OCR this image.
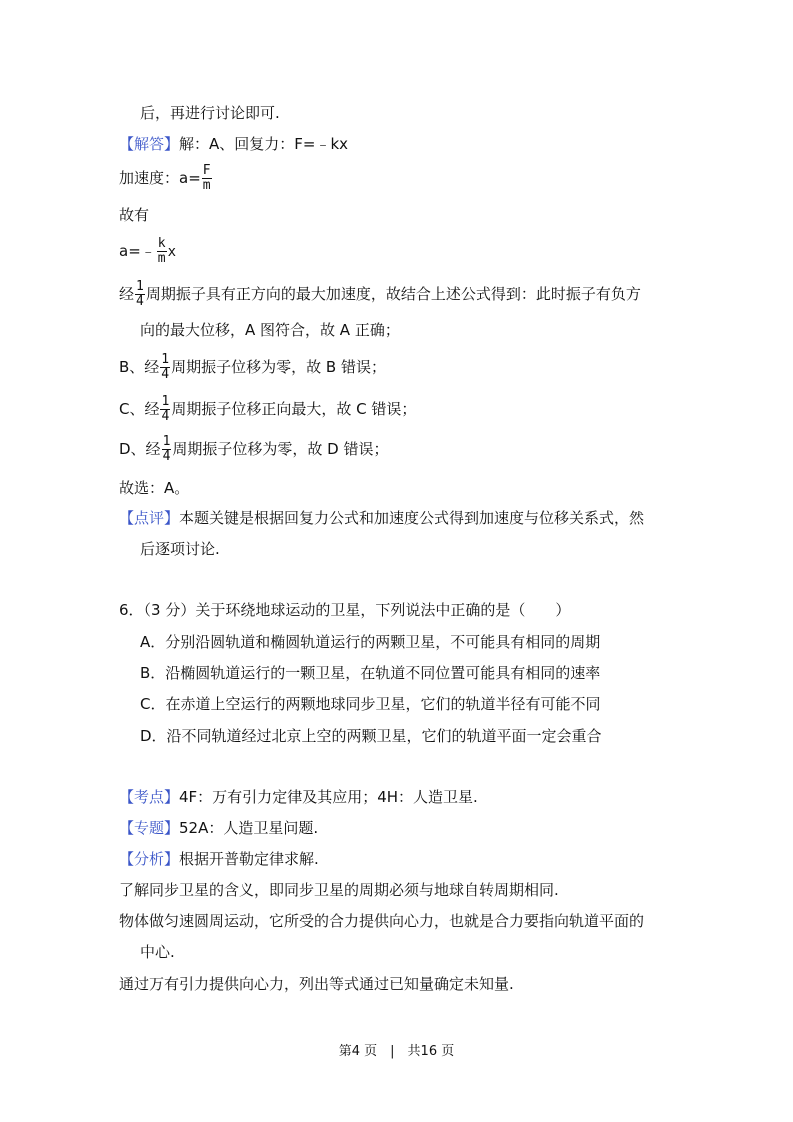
后，再进行讨论即可.
【解答】解：A、回复力：F=﹣kx
加速度：$a= \frac{F}{m}$
故有
a=﹣ $\frac{k}{m}$ x
经 $\frac{1}{4}$ 周期振子具有正方向的最大加速度，故结合上述公式得到：此时振子有负方
向的最大位移，A 图符合，故 A 正确；
B、经 $\frac{1}{4}$ 周期振子位移为零，故 B 错误；
C、经 $\frac{1}{4}$ 周期振子位移正向最大，故 C 错误；
D、经 $\frac{1}{4}$ 周期振子位移为零，故 D 错误；
故选：A。
【点评】本题关键是根据回复力公式和加速度公式得到加速度与位移关系式，然
后逐项讨论.
6．（3 分）关于环绕地球运动的卫星，下列说法中正确的是（　　）
A．分别沿圆轨道和椭圆轨道运行的两颗卫星，不可能具有相同的周期
B．沿椭圆轨道运行的一颗卫星，在轨道不同位置可能具有相同的速率
C．在赤道上空运行的两颗地球同步卫星，它们的轨道半径有可能不同
D．沿不同轨道经过北京上空的两颗卫星，它们的轨道平面一定会重合
【考点】4F：万有引力定律及其应用；4H：人造卫星.
【专题】52A：人造卫星问题.
【分析】根据开普勒定律求解.
了解同步卫星的含义，即同步卫星的周期必须与地球自转周期相同.
物体做匀速圆周运动，它所受的合力提供向心力，也就是合力要指向轨道平面的
中心.
通过万有引力提供向心力，列出等式通过已知量确定未知量.
第4 页　|　共16 页
